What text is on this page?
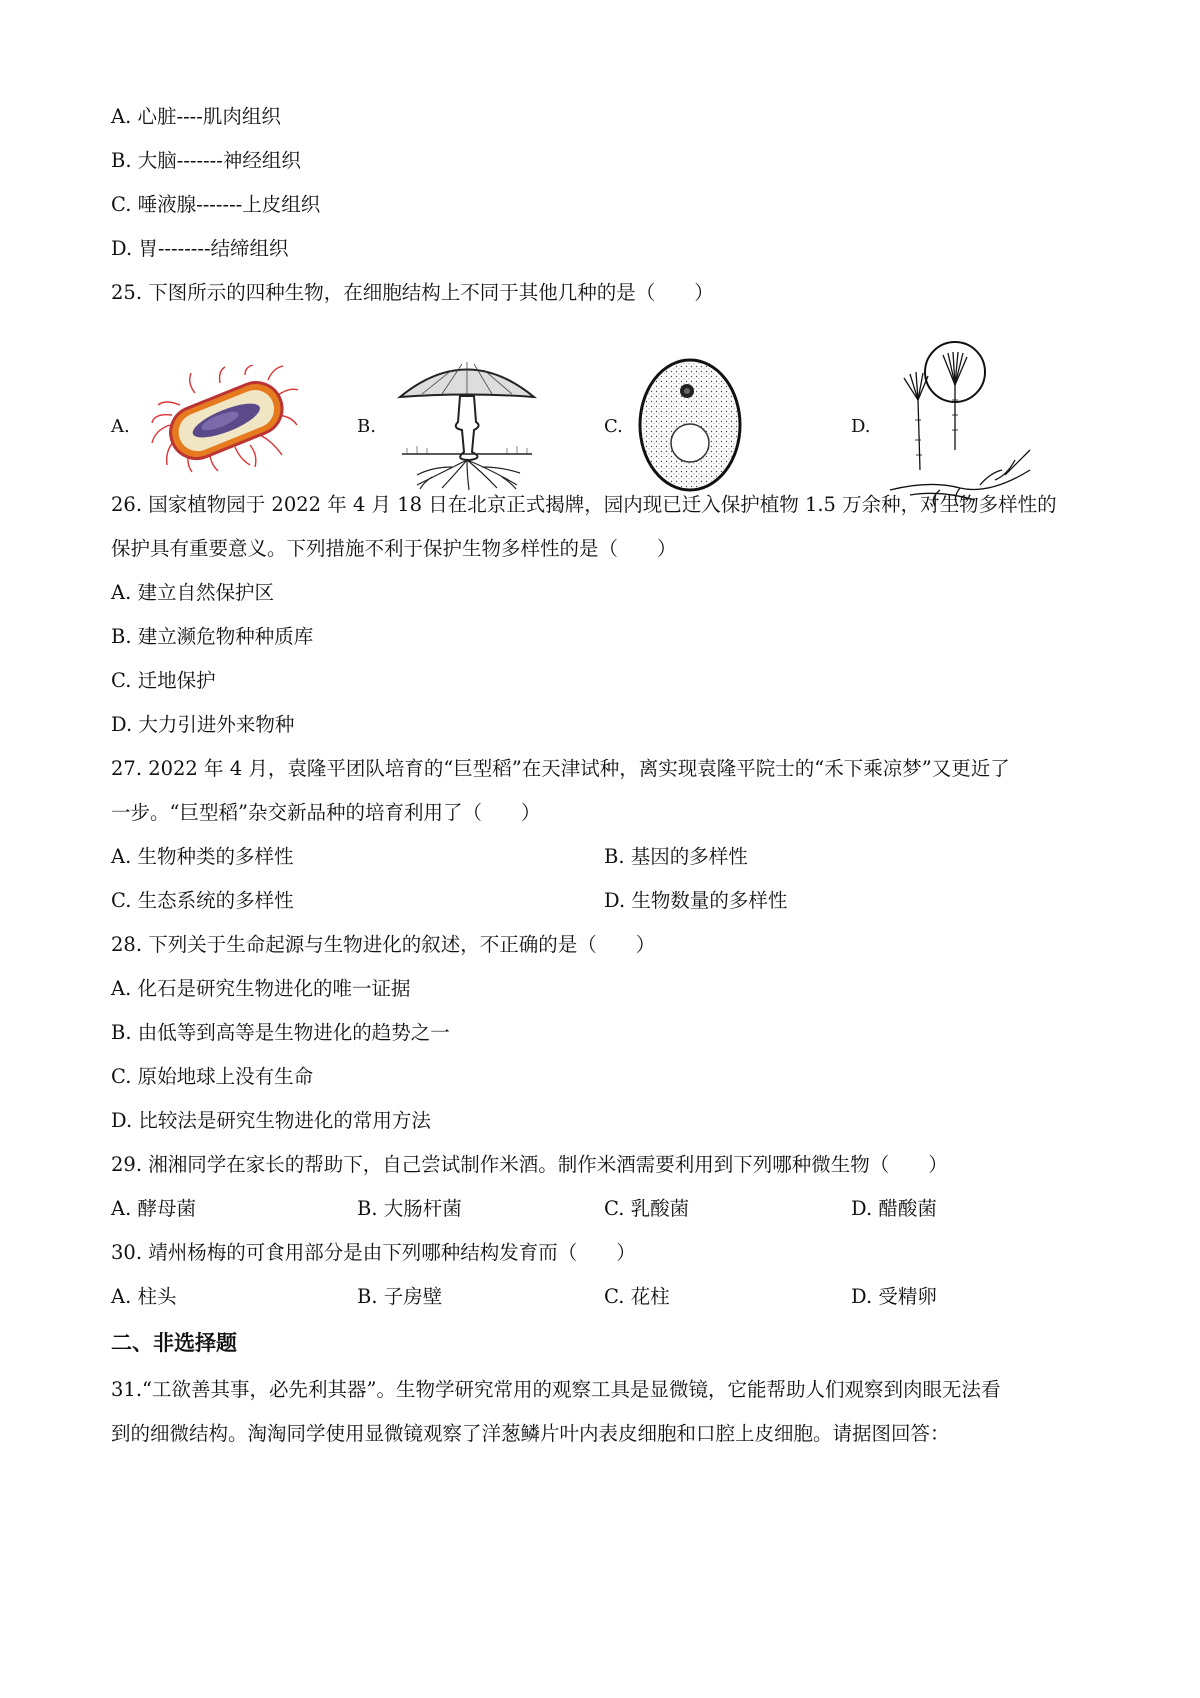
A. 心脏----肌肉组织
B. 大脑-------神经组织
C. 唾液腺-------上皮组织
D. 胃--------结缔组织
25. 下图所示的四种生物，在细胞结构上不同于其他几种的是（　　）
A.	B.	C.	D.
26. 国家植物园于 2022 年 4 月 18 日在北京正式揭牌，园内现已迁入保护植物 1.5 万余种，对生物多样性的
保护具有重要意义。下列措施不利于保护生物多样性的是（　　）
A. 建立自然保护区
B. 建立濒危物种种质库
C. 迁地保护
D. 大力引进外来物种
27. 2022 年 4 月，袁隆平团队培育的“巨型稻”在天津试种，离实现袁隆平院士的“禾下乘凉梦”又更近了
一步。“巨型稻”杂交新品种的培育利用了（　　）
A. 生物种类的多样性	B. 基因的多样性
C. 生态系统的多样性	D. 生物数量的多样性
28. 下列关于生命起源与生物进化的叙述，不正确的是（　　）
A. 化石是研究生物进化的唯一证据
B. 由低等到高等是生物进化的趋势之一
C. 原始地球上没有生命
D. 比较法是研究生物进化的常用方法
29. 湘湘同学在家长的帮助下，自己尝试制作米酒。制作米酒需要利用到下列哪种微生物（　　）
A. 酵母菌	B. 大肠杆菌	C. 乳酸菌	D. 醋酸菌
30. 靖州杨梅的可食用部分是由下列哪种结构发育而（　　）
A. 柱头	B. 子房壁	C. 花柱	D. 受精卵
二、非选择题
31.“工欲善其事，必先利其器”。生物学研究常用的观察工具是显微镜，它能帮助人们观察到肉眼无法看
到的细微结构。淘淘同学使用显微镜观察了洋葱鳞片叶内表皮细胞和口腔上皮细胞。请据图回答：
